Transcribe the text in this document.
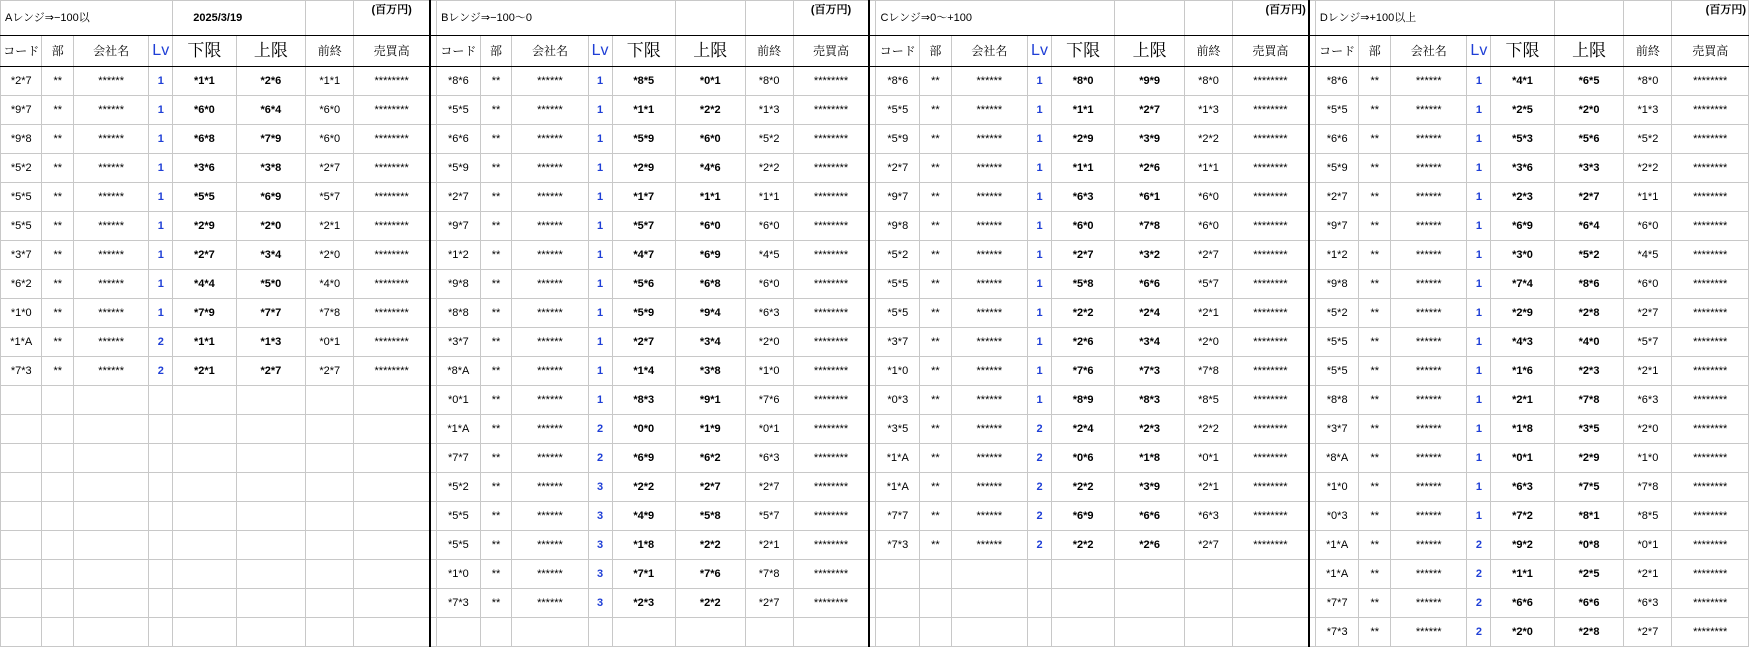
Aレンジ⇒−100以				2025/3/19			(百万円)		Bレンジ⇒−100〜0							(百万円)		Cレンジ⇒0〜+100							(百万円)		Dレンジ⇒+100以上							(百万円)
コード	部	会社名	Lv	下限	上限	前終	売買高		コード	部	会社名	Lv	下限	上限	前終	売買高		コード	部	会社名	Lv	下限	上限	前終	売買高		コード	部	会社名	Lv	下限	上限	前終	売買高
*2*7	**	******	1	*1*1	*2*6	*1*1	********		*8*6	**	******	1	*8*5	*0*1	*8*0	********		*8*6	**	******	1	*8*0	*9*9	*8*0	********		*8*6	**	******	1	*4*1	*6*5	*8*0	********
*9*7	**	******	1	*6*0	*6*4	*6*0	********		*5*5	**	******	1	*1*1	*2*2	*1*3	********		*5*5	**	******	1	*1*1	*2*7	*1*3	********		*5*5	**	******	1	*2*5	*2*0	*1*3	********
*9*8	**	******	1	*6*8	*7*9	*6*0	********		*6*6	**	******	1	*5*9	*6*0	*5*2	********		*5*9	**	******	1	*2*9	*3*9	*2*2	********		*6*6	**	******	1	*5*3	*5*6	*5*2	********
*5*2	**	******	1	*3*6	*3*8	*2*7	********		*5*9	**	******	1	*2*9	*4*6	*2*2	********		*2*7	**	******	1	*1*1	*2*6	*1*1	********		*5*9	**	******	1	*3*6	*3*3	*2*2	********
*5*5	**	******	1	*5*5	*6*9	*5*7	********		*2*7	**	******	1	*1*7	*1*1	*1*1	********		*9*7	**	******	1	*6*3	*6*1	*6*0	********		*2*7	**	******	1	*2*3	*2*7	*1*1	********
*5*5	**	******	1	*2*9	*2*0	*2*1	********		*9*7	**	******	1	*5*7	*6*0	*6*0	********		*9*8	**	******	1	*6*0	*7*8	*6*0	********		*9*7	**	******	1	*6*9	*6*4	*6*0	********
*3*7	**	******	1	*2*7	*3*4	*2*0	********		*1*2	**	******	1	*4*7	*6*9	*4*5	********		*5*2	**	******	1	*2*7	*3*2	*2*7	********		*1*2	**	******	1	*3*0	*5*2	*4*5	********
*6*2	**	******	1	*4*4	*5*0	*4*0	********		*9*8	**	******	1	*5*6	*6*8	*6*0	********		*5*5	**	******	1	*5*8	*6*6	*5*7	********		*9*8	**	******	1	*7*4	*8*6	*6*0	********
*1*0	**	******	1	*7*9	*7*7	*7*8	********		*8*8	**	******	1	*5*9	*9*4	*6*3	********		*5*5	**	******	1	*2*2	*2*4	*2*1	********		*5*2	**	******	1	*2*9	*2*8	*2*7	********
*1*A	**	******	2	*1*1	*1*3	*0*1	********		*3*7	**	******	1	*2*7	*3*4	*2*0	********		*3*7	**	******	1	*2*6	*3*4	*2*0	********		*5*5	**	******	1	*4*3	*4*0	*5*7	********
*7*3	**	******	2	*2*1	*2*7	*2*7	********		*8*A	**	******	1	*1*4	*3*8	*1*0	********		*1*0	**	******	1	*7*6	*7*3	*7*8	********		*5*5	**	******	1	*1*6	*2*3	*2*1	********
									*0*1	**	******	1	*8*3	*9*1	*7*6	********		*0*3	**	******	1	*8*9	*8*3	*8*5	********		*8*8	**	******	1	*2*1	*7*8	*6*3	********
									*1*A	**	******	2	*0*0	*1*9	*0*1	********		*3*5	**	******	2	*2*4	*2*3	*2*2	********		*3*7	**	******	1	*1*8	*3*5	*2*0	********
									*7*7	**	******	2	*6*9	*6*2	*6*3	********		*1*A	**	******	2	*0*6	*1*8	*0*1	********		*8*A	**	******	1	*0*1	*2*9	*1*0	********
									*5*2	**	******	3	*2*2	*2*7	*2*7	********		*1*A	**	******	2	*2*2	*3*9	*2*1	********		*1*0	**	******	1	*6*3	*7*5	*7*8	********
									*5*5	**	******	3	*4*9	*5*8	*5*7	********		*7*7	**	******	2	*6*9	*6*6	*6*3	********		*0*3	**	******	1	*7*2	*8*1	*8*5	********
									*5*5	**	******	3	*1*8	*2*2	*2*1	********		*7*3	**	******	2	*2*2	*2*6	*2*7	********		*1*A	**	******	2	*9*2	*0*8	*0*1	********
									*1*0	**	******	3	*7*1	*7*6	*7*8	********											*1*A	**	******	2	*1*1	*2*5	*2*1	********
									*7*3	**	******	3	*2*3	*2*2	*2*7	********											*7*7	**	******	2	*6*6	*6*6	*6*3	********
																											*7*3	**	******	2	*2*0	*2*8	*2*7	********
